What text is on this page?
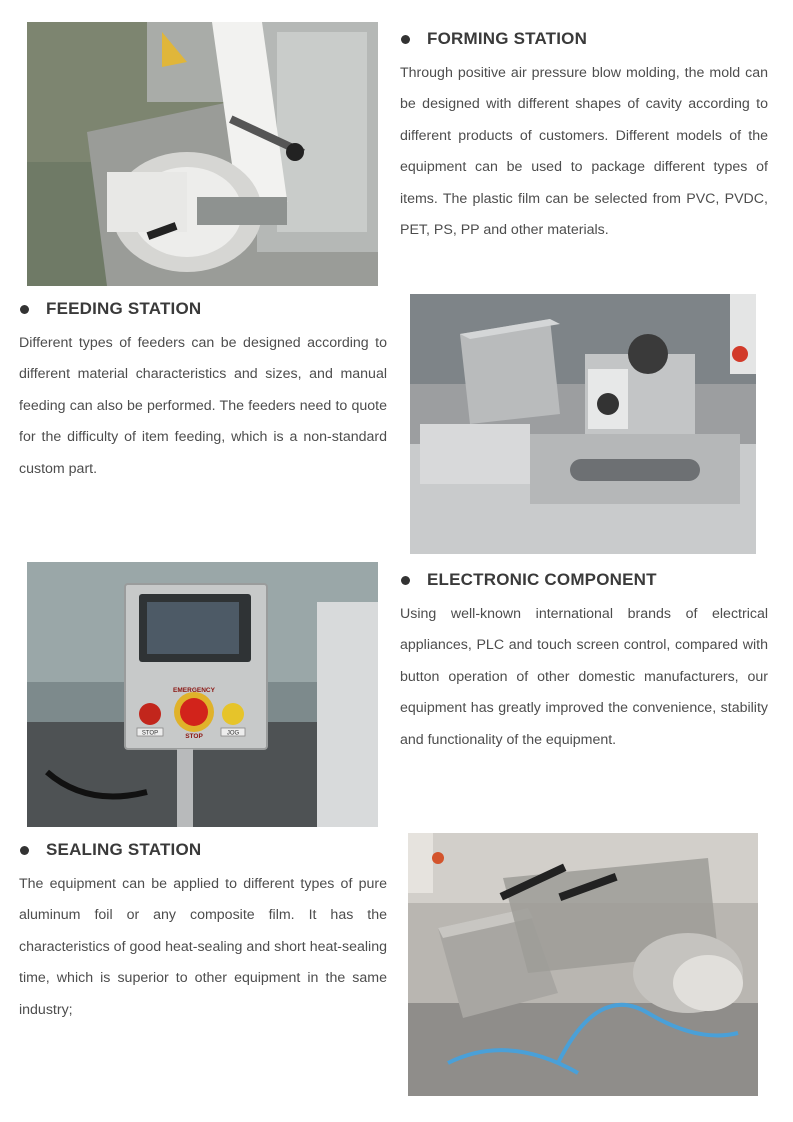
FORMING STATION
Through positive air pressure blow molding, the mold can be designed with different shapes of cavity according to different products of customers. Different models of the equipment can be used to package different types of items. The plastic film can be selected from PVC, PVDC, PET, PS, PP and other materials.
FEEDING STATION
Different types of feeders can be designed according to different material characteristics and sizes, and manual feeding can also be performed. The feeders need to quote for the difficulty of item feeding, which is a non-standard custom part.
STOP	JOG
EMERGENCY
STOP
ELECTRONIC COMPONENT
Using well-known international brands of electrical appliances, PLC and touch screen control, compared with button operation of other domestic manufacturers, our equipment has greatly improved the convenience, stability and functionality of the equipment.
SEALING STATION
The equipment can be applied to different types of pure aluminum foil or any composite film. It has the characteristics of good heat-sealing and short heat-sealing time, which is superior to other equipment in the same industry;
